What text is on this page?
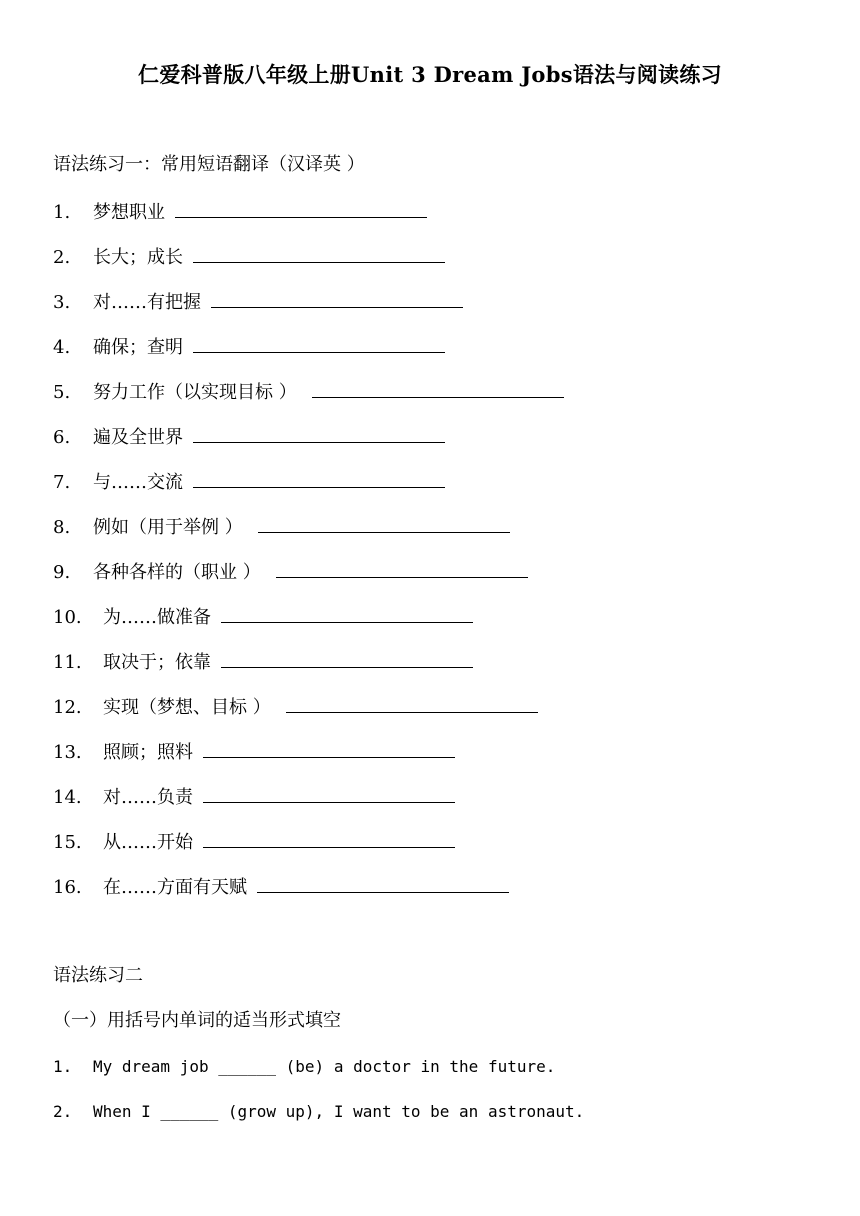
仁爱科普版八年级上册Unit 3 Dream Jobs语法与阅读练习
语法练习一：常用短语翻译（汉译英 ）
1. 梦想职业
2. 长大；成长
3. 对……有把握
4. 确保；查明
5. 努力工作（以实现目标 ）
6. 遍及全世界
7. 与……交流
8. 例如（用于举例 ）
9. 各种各样的（职业 ）
10. 为……做准备
11. 取决于；依靠
12. 实现（梦想、目标 ）
13. 照顾；照料
14. 对……负责
15. 从……开始
16. 在……方面有天赋
语法练习二
（一）用括号内单词的适当形式填空
1. My dream job ______ (be) a doctor in the future.
2. When I ______ (grow up), I want to be an astronaut.
